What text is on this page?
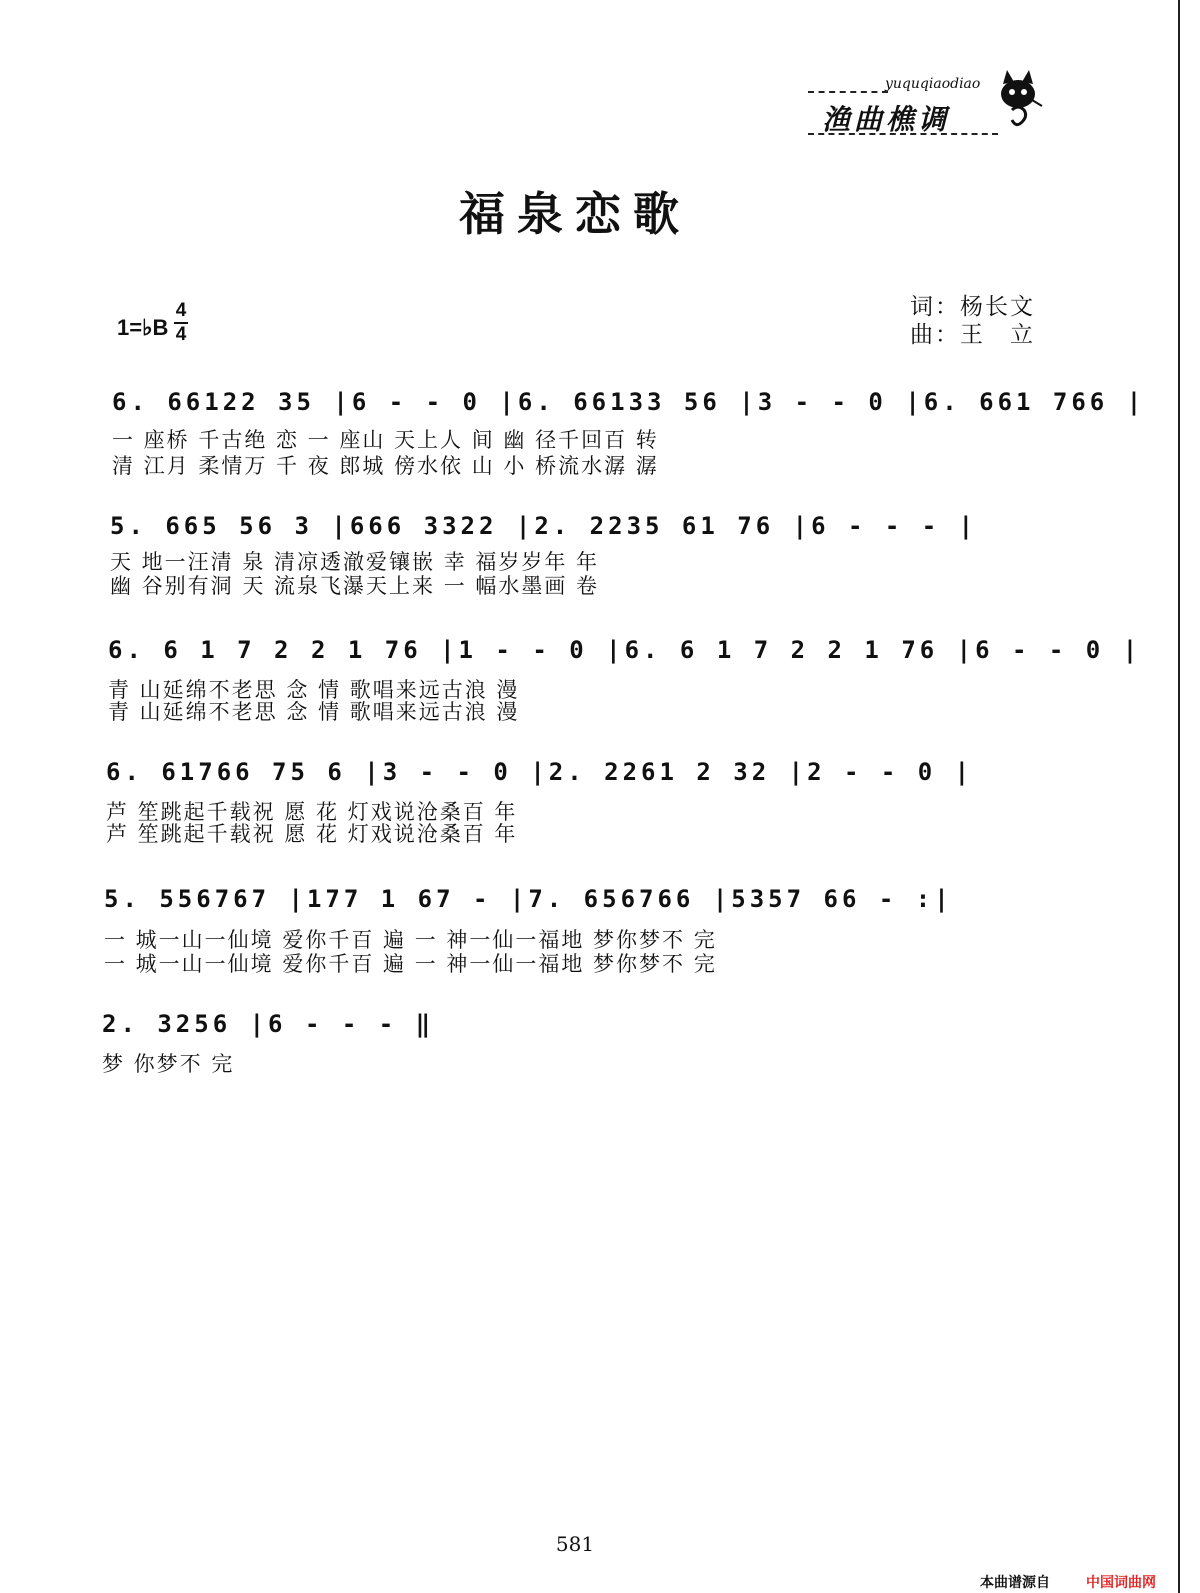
yuquqiaodiao
渔曲樵调
福泉恋歌
词：杨长文
曲：王　立
1=♭B
4
4
6. 66122 35 |6 - - 0 |6. 66133 56 |3 - - 0 |6. 661 766 |
一 座桥 千古绝 恋 一 座山 天上人 间 幽 径千回百 转
清 江月 柔情万 千 夜 郎城 傍水依 山 小 桥流水潺 潺
5. 665 56 3 |666 3322 |2. 2235 61 76 |6 - - - |
天 地一汪清 泉 清凉透澈爱镶嵌 幸 福岁岁年 年
幽 谷别有洞 天 流泉飞瀑天上来 一 幅水墨画 卷
6. 6 1 7 2 2 1 76 |1 - - 0 |6. 6 1 7 2 2 1 76 |6 - - 0 |
青 山延绵不老思 念 情 歌唱来远古浪 漫
青 山延绵不老思 念 情 歌唱来远古浪 漫
6. 61766 75 6 |3 - - 0 |2. 2261 2 32 |2 - - 0 |
芦 笙跳起千载祝 愿 花 灯戏说沧桑百 年
芦 笙跳起千载祝 愿 花 灯戏说沧桑百 年
5. 556767 |177 1 67 - |7. 656766 |5357 66 - :|
一 城一山一仙境 爱你千百 遍 一 神一仙一福地 梦你梦不 完
一 城一山一仙境 爱你千百 遍 一 神一仙一福地 梦你梦不 完
2. 3256 |6 - - - ‖
梦 你梦不 完
581
本曲谱源自	中国词曲网
